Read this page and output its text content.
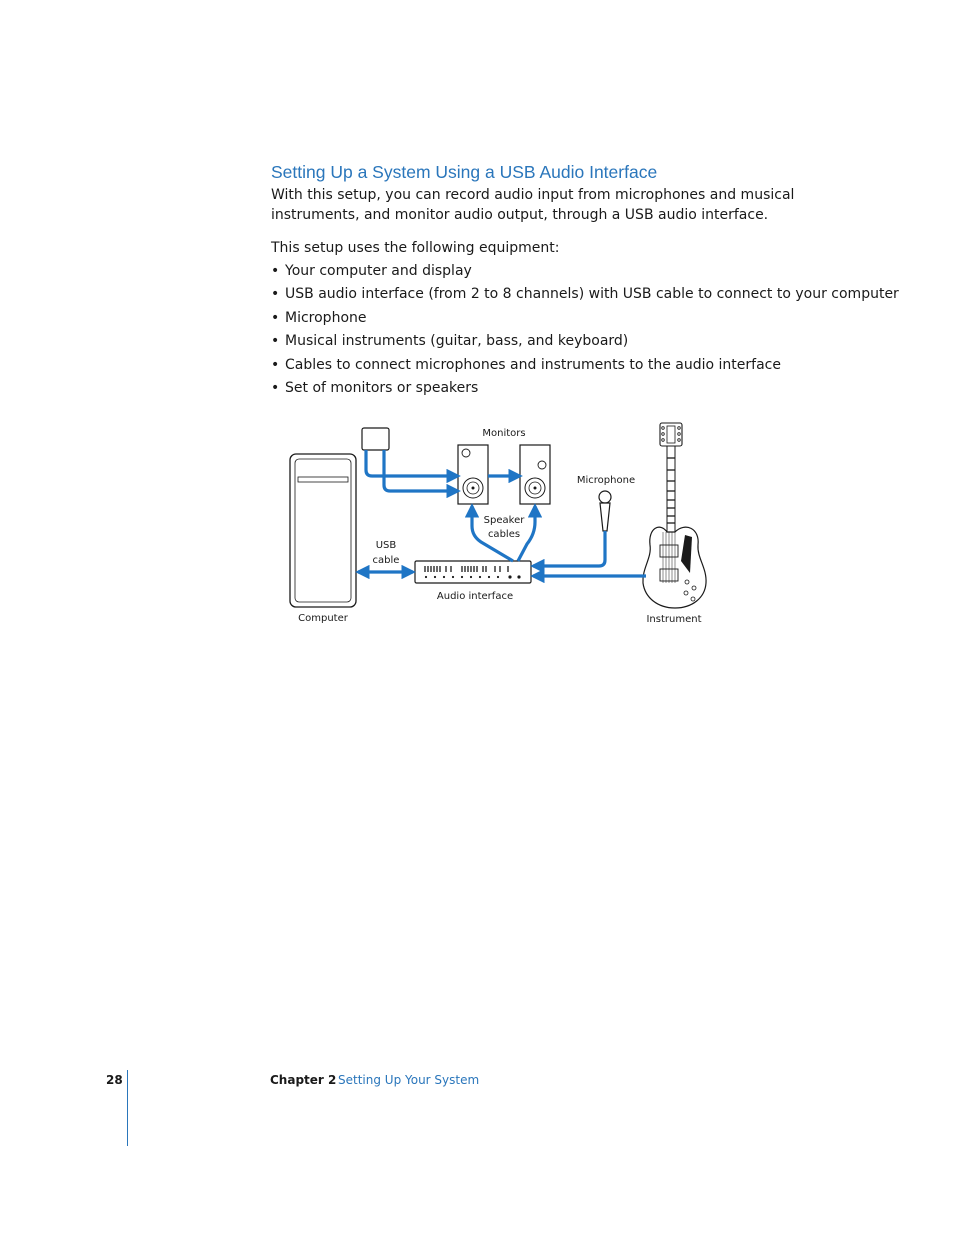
Setting Up a System Using a USB Audio Interface

With this setup, you can record audio input from microphones and musical instruments, and monitor audio output, through a USB audio interface.

This setup uses the following equipment:

• Your computer and display
• USB audio interface (from 2 to 8 channels) with USB cable to connect to your computer
• Microphone
• Musical instruments (guitar, bass, and keyboard)
• Cables to connect microphones and instruments to the audio interface
• Set of monitors or speakers
Monitors
Microphone
Speaker
cables
USB
cable
Audio interface
Computer	Instrument
28	Chapter 2 Setting Up Your System
